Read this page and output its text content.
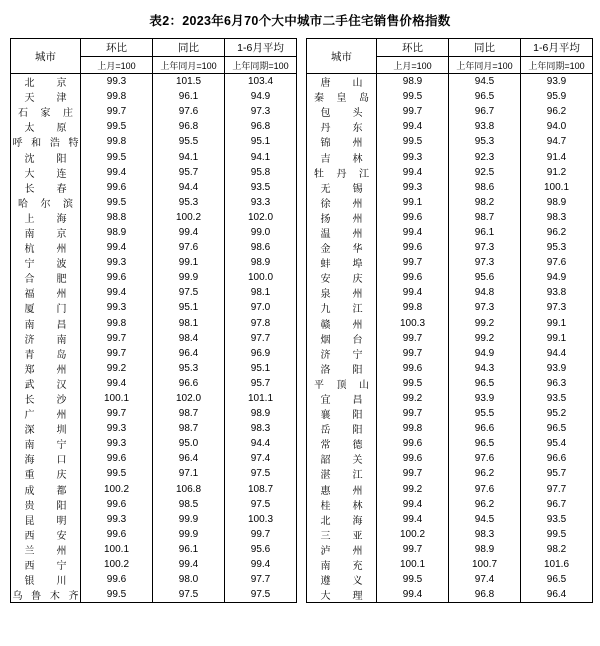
表2：2023年6月70个大中城市二手住宅销售价格指数
城市	环比	同比	1-6月平均		城市	环比	同比	1-6月平均
	上月=100	上年同月=100	上年同期=100			上月=100	上年同月=100	上年同期=100

北京	99.3	101.5	103.4		唐山	98.9	94.5	93.9

天津	99.8	96.1	94.9		秦皇岛	99.5	96.5	95.9

石家庄	99.7	97.6	97.3		包头	99.7	96.7	96.2

太原	99.5	96.8	96.8		丹东	99.4	93.8	94.0

呼和浩特	99.8	95.5	95.1		锦州	99.5	95.3	94.7

沈阳	99.5	94.1	94.1		吉林	99.3	92.3	91.4

大连	99.4	95.7	95.8		牡丹江	99.4	92.5	91.2

长春	99.6	94.4	93.5		无锡	99.3	98.6	100.1

哈尔滨	99.5	95.3	93.3		徐州	99.1	98.2	98.9

上海	98.8	100.2	102.0		扬州	99.6	98.7	98.3

南京	98.9	99.4	99.0		温州	99.4	96.1	96.2

杭州	99.4	97.6	98.6		金华	99.6	97.3	95.3

宁波	99.3	99.1	98.9		蚌埠	99.7	97.3	97.6

合肥	99.6	99.9	100.0		安庆	99.6	95.6	94.9

福州	99.4	97.5	98.1		泉州	99.4	94.8	93.8

厦门	99.3	95.1	97.0		九江	99.8	97.3	97.3

南昌	99.8	98.1	97.8		赣州	100.3	99.2	99.1

济南	99.7	98.4	97.7		烟台	99.7	99.2	99.1

青岛	99.7	96.4	96.9		济宁	99.7	94.9	94.4

郑州	99.2	95.3	95.1		洛阳	99.6	94.3	93.9

武汉	99.4	96.6	95.7		平顶山	99.5	96.5	96.3

长沙	100.1	102.0	101.1		宜昌	99.2	93.9	93.5

广州	99.7	98.7	98.9		襄阳	99.7	95.5	95.2

深圳	99.3	98.7	98.3		岳阳	99.8	96.6	96.5

南宁	99.3	95.0	94.4		常德	99.6	96.5	95.4

海口	99.6	96.4	97.4		韶关	99.6	97.6	96.6

重庆	99.5	97.1	97.5		湛江	99.7	96.2	95.7

成都	100.2	106.8	108.7		惠州	99.2	97.6	97.7

贵阳	99.6	98.5	97.5		桂林	99.4	96.2	96.7

昆明	99.3	99.9	100.3		北海	99.4	94.5	93.5

西安	99.6	99.9	99.7		三亚	100.2	98.3	99.5

兰州	100.1	96.1	95.6		泸州	99.7	98.9	98.2

西宁	100.2	99.4	99.4		南充	100.1	100.7	101.6

银川	99.6	98.0	97.7		遵义	99.5	97.4	96.5

乌鲁木齐	99.5	97.5	97.5		大理	99.4	96.8	96.4
